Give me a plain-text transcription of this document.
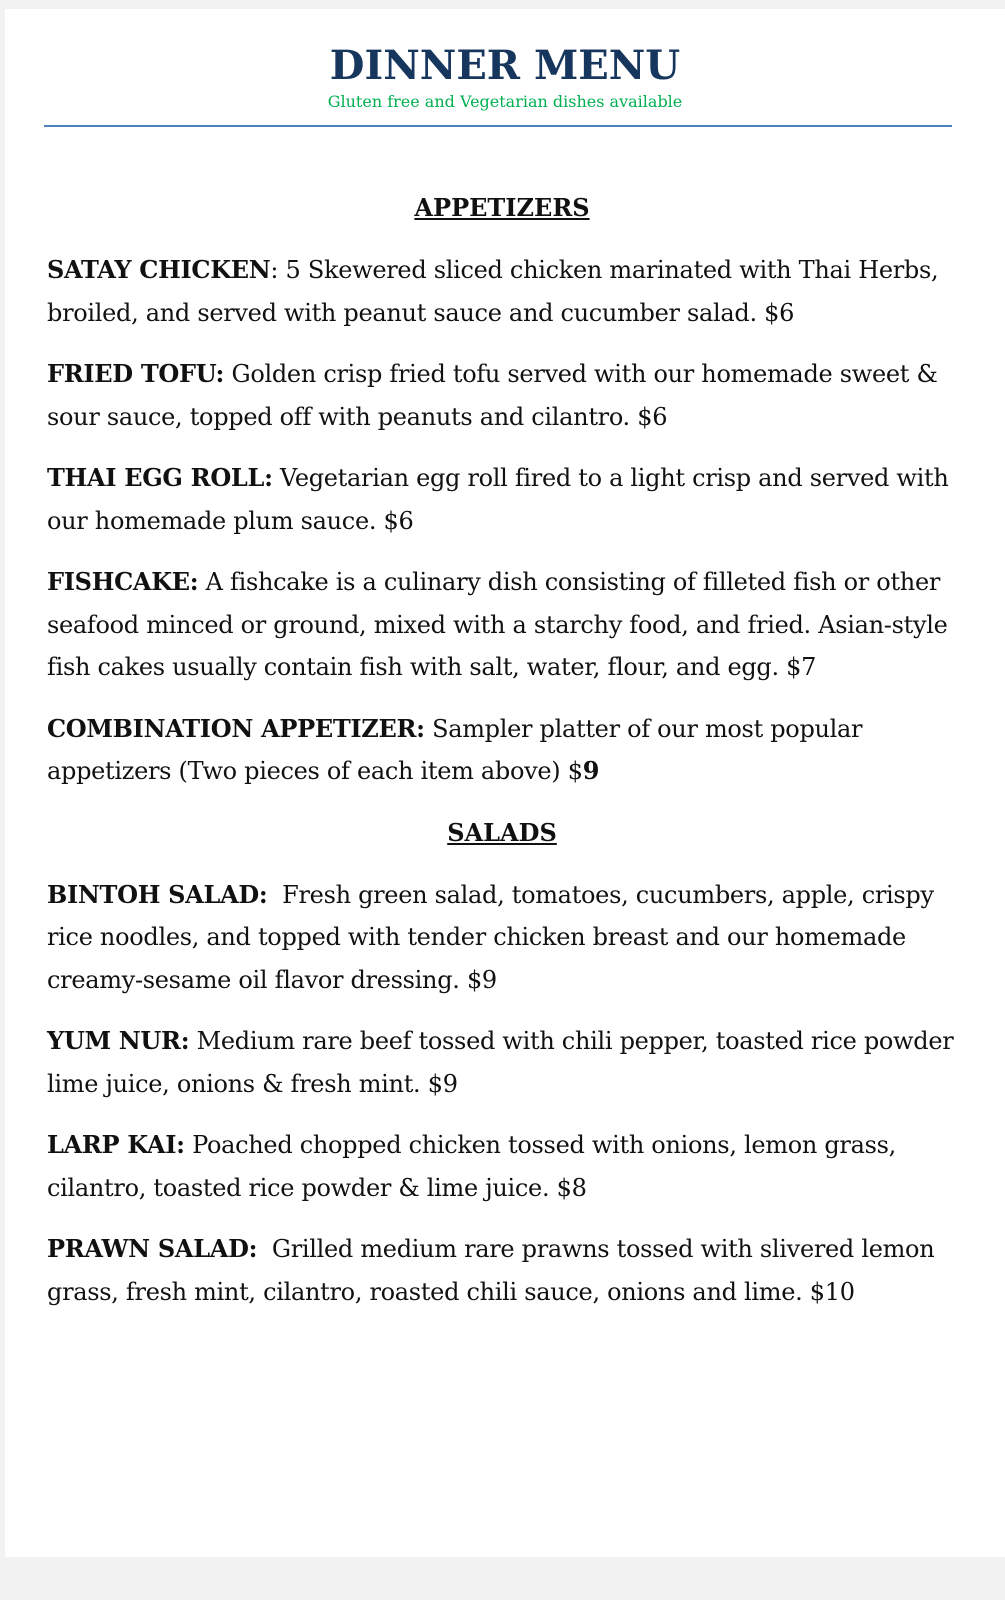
DINNER MENU
Gluten free and Vegetarian dishes available
APPETIZERS

SATAY CHICKEN: 5 Skewered sliced chicken marinated with Thai Herbs, broiled, and served with peanut sauce and cucumber salad. $6

FRIED TOFU: Golden crisp fried tofu served with our homemade sweet & sour sauce, topped off with peanuts and cilantro. $6

THAI EGG ROLL: Vegetarian egg roll fired to a light crisp and served with our homemade plum sauce. $6

FISHCAKE: A fishcake is a culinary dish consisting of filleted fish or other seafood minced or ground, mixed with a starchy food, and fried. Asian-style fish cakes usually contain fish with salt, water, flour, and egg. $7

COMBINATION APPETIZER: Sampler platter of our most popular appetizers (Two pieces of each item above) $9

SALADS

BINTOH SALAD: Fresh green salad, tomatoes, cucumbers, apple, crispy rice noodles, and topped with tender chicken breast and our homemade creamy-sesame oil flavor dressing. $9

YUM NUR: Medium rare beef tossed with chili pepper, toasted rice powder lime juice, onions & fresh mint. $9

LARP KAI: Poached chopped chicken tossed with onions, lemon grass, cilantro, toasted rice powder & lime juice. $8

PRAWN SALAD: Grilled medium rare prawns tossed with slivered lemon grass, fresh mint, cilantro, roasted chili sauce, onions and lime. $10
